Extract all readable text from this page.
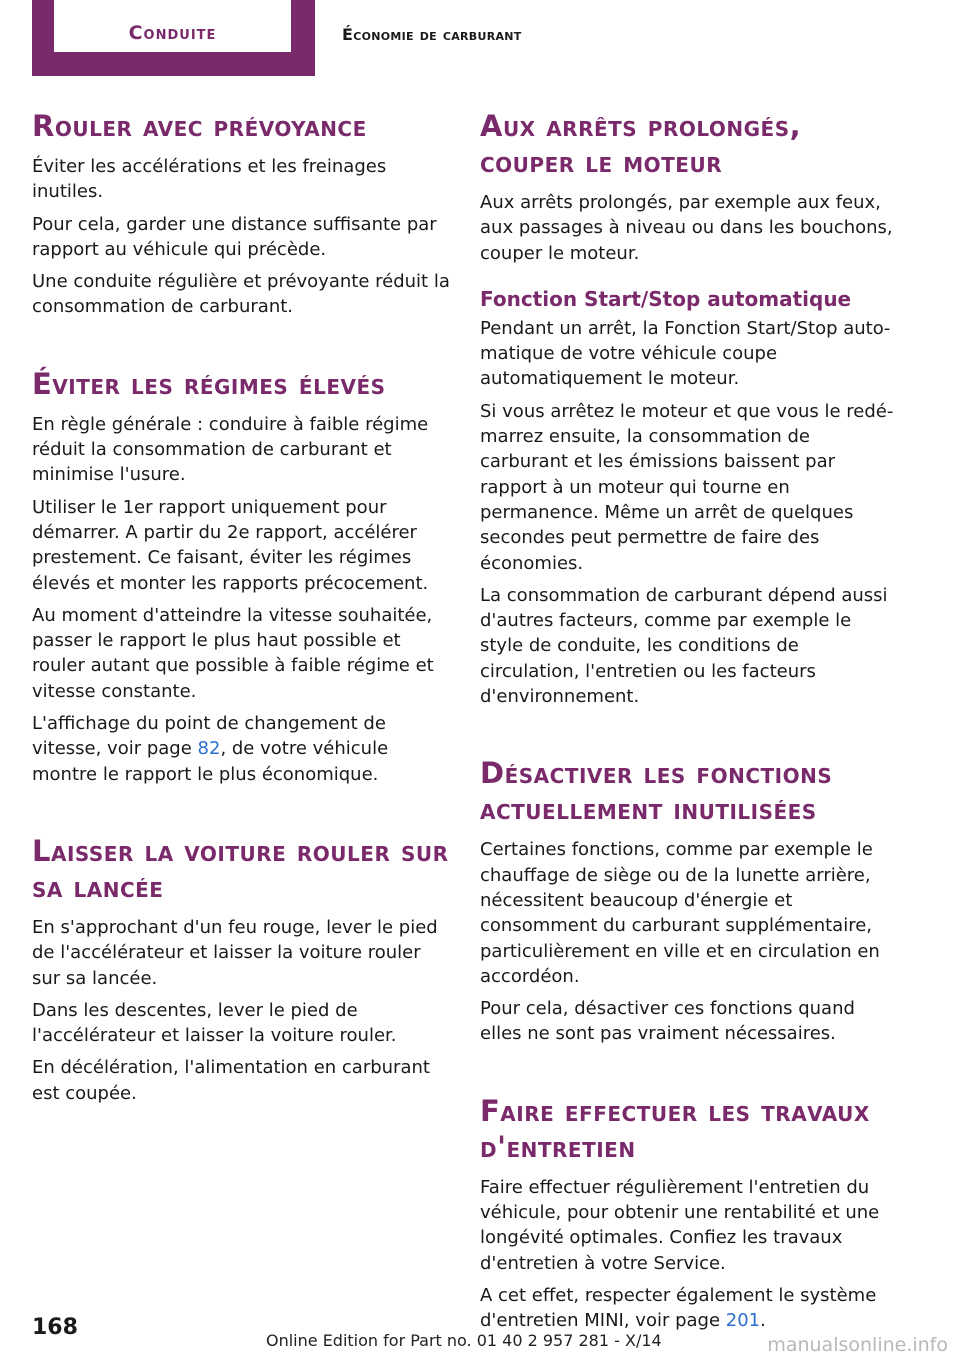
Conduite	Économie de carburant
Rouler avec prévoyance

Éviter les accélérations et les freinages inutiles.

Pour cela, garder une distance suffisante par rapport au véhicule qui précède.

Une conduite régulière et prévoyante réduit la consommation de carburant.

Éviter les régimes élevés

En règle générale : conduire à faible régime réduit la consommation de carburant et minimise l'usure.

Utiliser le 1er rapport uniquement pour démarrer. A partir du 2e rapport, accélérer prestement. Ce faisant, éviter les régimes élevés et monter les rapports précocement.

Au moment d'atteindre la vitesse souhaitée, passer le rapport le plus haut possible et rouler autant que possible à faible régime et vitesse constante.

L'affichage du point de changement de vitesse, voir page 82, de votre véhicule montre le rapport le plus économique.

Laisser la voiture rouler sur sa lancée

En s'approchant d'un feu rouge, lever le pied de l'accélérateur et laisser la voiture rouler sur sa lancée.

Dans les descentes, lever le pied de l'accélérateur et laisser la voiture rouler.

En décélération, l'alimentation en carburant est coupée.

Aux arrêts prolongés, couper le moteur

Aux arrêts prolongés, par exemple aux feux, aux passages à niveau ou dans les bouchons, couper le moteur.

Fonction Start/Stop automatique

Pendant un arrêt, la Fonction Start/Stop automatique de votre véhicule coupe automatiquement le moteur.

Si vous arrêtez le moteur et que vous le redémarrez ensuite, la consommation de carburant et les émissions baissent par rapport à un moteur qui tourne en permanence. Même un arrêt de quelques secondes peut permettre de faire des économies.

La consommation de carburant dépend aussi d'autres facteurs, comme par exemple le style de conduite, les conditions de circulation, l'entretien ou les facteurs d'environnement.

Désactiver les fonctions actuellement inutilisées

Certaines fonctions, comme par exemple le chauffage de siège ou de la lunette arrière, nécessitent beaucoup d'énergie et consomment du carburant supplémentaire, particulièrement en ville et en circulation en accordéon.

Pour cela, désactiver ces fonctions quand elles ne sont pas vraiment nécessaires.

Faire effectuer les travaux d'entretien

Faire effectuer régulièrement l'entretien du véhicule, pour obtenir une rentabilité et une longévité optimales. Confiez les travaux d'entretien à votre Service.

A cet effet, respecter également le système d'entretien MINI, voir page 201.

168
Online Edition for Part no. 01 40 2 957 281 - X/14	manualsonline.info
